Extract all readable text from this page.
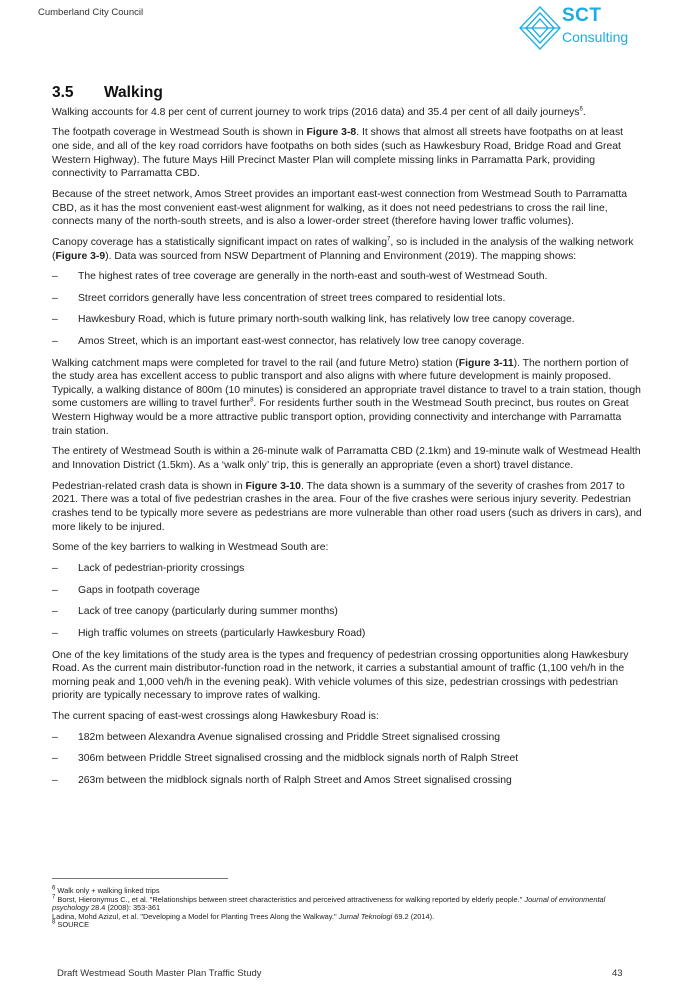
Cumberland City Council	SCT
Consulting
3.5	Walking

Walking accounts for 4.8 per cent of current journey to work trips (2016 data) and 35.4 per cent of all daily journeys$^6$.

The footpath coverage in Westmead South is shown in Figure 3-8. It shows that almost all streets have footpaths on at least one side, and all of the key road corridors have footpaths on both sides (such as Hawkesbury Road, Bridge Road and Great Western Highway). The future Mays Hill Precinct Master Plan will complete missing links in Parramatta Park, providing connectivity to Parramatta CBD.

Because of the street network, Amos Street provides an important east-west connection from Westmead South to Parramatta CBD, as it has the most convenient east-west alignment for walking, as it does not need pedestrians to cross the rail line, connects many of the north-south streets, and is also a lower-order street (therefore having lower traffic volumes).

Canopy coverage has a statistically significant impact on rates of walking$^7$, so is included in the analysis of the walking network (Figure 3-9). Data was sourced from NSW Department of Planning and Environment (2019). The mapping shows:

–	The highest rates of tree coverage are generally in the north-east and south-west of Westmead South.
–	Street corridors generally have less concentration of street trees compared to residential lots.
–	Hawkesbury Road, which is future primary north-south walking link, has relatively low tree canopy coverage.
–	Amos Street, which is an important east-west connector, has relatively low tree canopy coverage.

Walking catchment maps were completed for travel to the rail (and future Metro) station (Figure 3-11). The northern portion of the study area has excellent access to public transport and also aligns with where future development is mainly proposed. Typically, a walking distance of 800m (10 minutes) is considered an appropriate travel distance to travel to a train station, though some customers are willing to travel further$^8$. For residents further south in the Westmead South precinct, bus routes on Great Western Highway would be a more attractive public transport option, providing connectivity and interchange with Parramatta train station.

The entirety of Westmead South is within a 26-minute walk of Parramatta CBD (2.1km) and 19-minute walk of Westmead Health and Innovation District (1.5km). As a ‘walk only’ trip, this is generally an appropriate (even a short) travel distance.

Pedestrian-related crash data is shown in Figure 3-10. The data shown is a summary of the severity of crashes from 2017 to 2021. There was a total of five pedestrian crashes in the area. Four of the five crashes were serious injury severity. Pedestrian crashes tend to be typically more severe as pedestrians are more vulnerable than other road users (such as drivers in cars), and more likely to be injured.

Some of the key barriers to walking in Westmead South are:

–	Lack of pedestrian-priority crossings
–	Gaps in footpath coverage
–	Lack of tree canopy (particularly during summer months)
–	High traffic volumes on streets (particularly Hawkesbury Road)

One of the key limitations of the study area is the types and frequency of pedestrian crossing opportunities along Hawkesbury Road. As the current main distributor-function road in the network, it carries a substantial amount of traffic (1,100 veh/h in the morning peak and 1,000 veh/h in the evening peak). With vehicle volumes of this size, pedestrian crossings with pedestrian priority are typically necessary to improve rates of walking.

The current spacing of east-west crossings along Hawkesbury Road is:

–	182m between Alexandra Avenue signalised crossing and Priddle Street signalised crossing
–	306m between Priddle Street signalised crossing and the midblock signals north of Ralph Street
–	263m between the midblock signals north of Ralph Street and Amos Street signalised crossing
$^6$ Walk only + walking linked trips
$^7$ Borst, Hieronymus C., et al. "Relationships between street characteristics and perceived attractiveness for walking reported by elderly people." Journal of environmental psychology 28.4 (2008): 353-361
Ladina, Mohd Azizul, et al. "Developing a Model for Planting Trees Along the Walkway." Jurnal Teknologi 69.2 (2014).
$^8$ SOURCE
Draft Westmead South Master Plan Traffic Study	43
